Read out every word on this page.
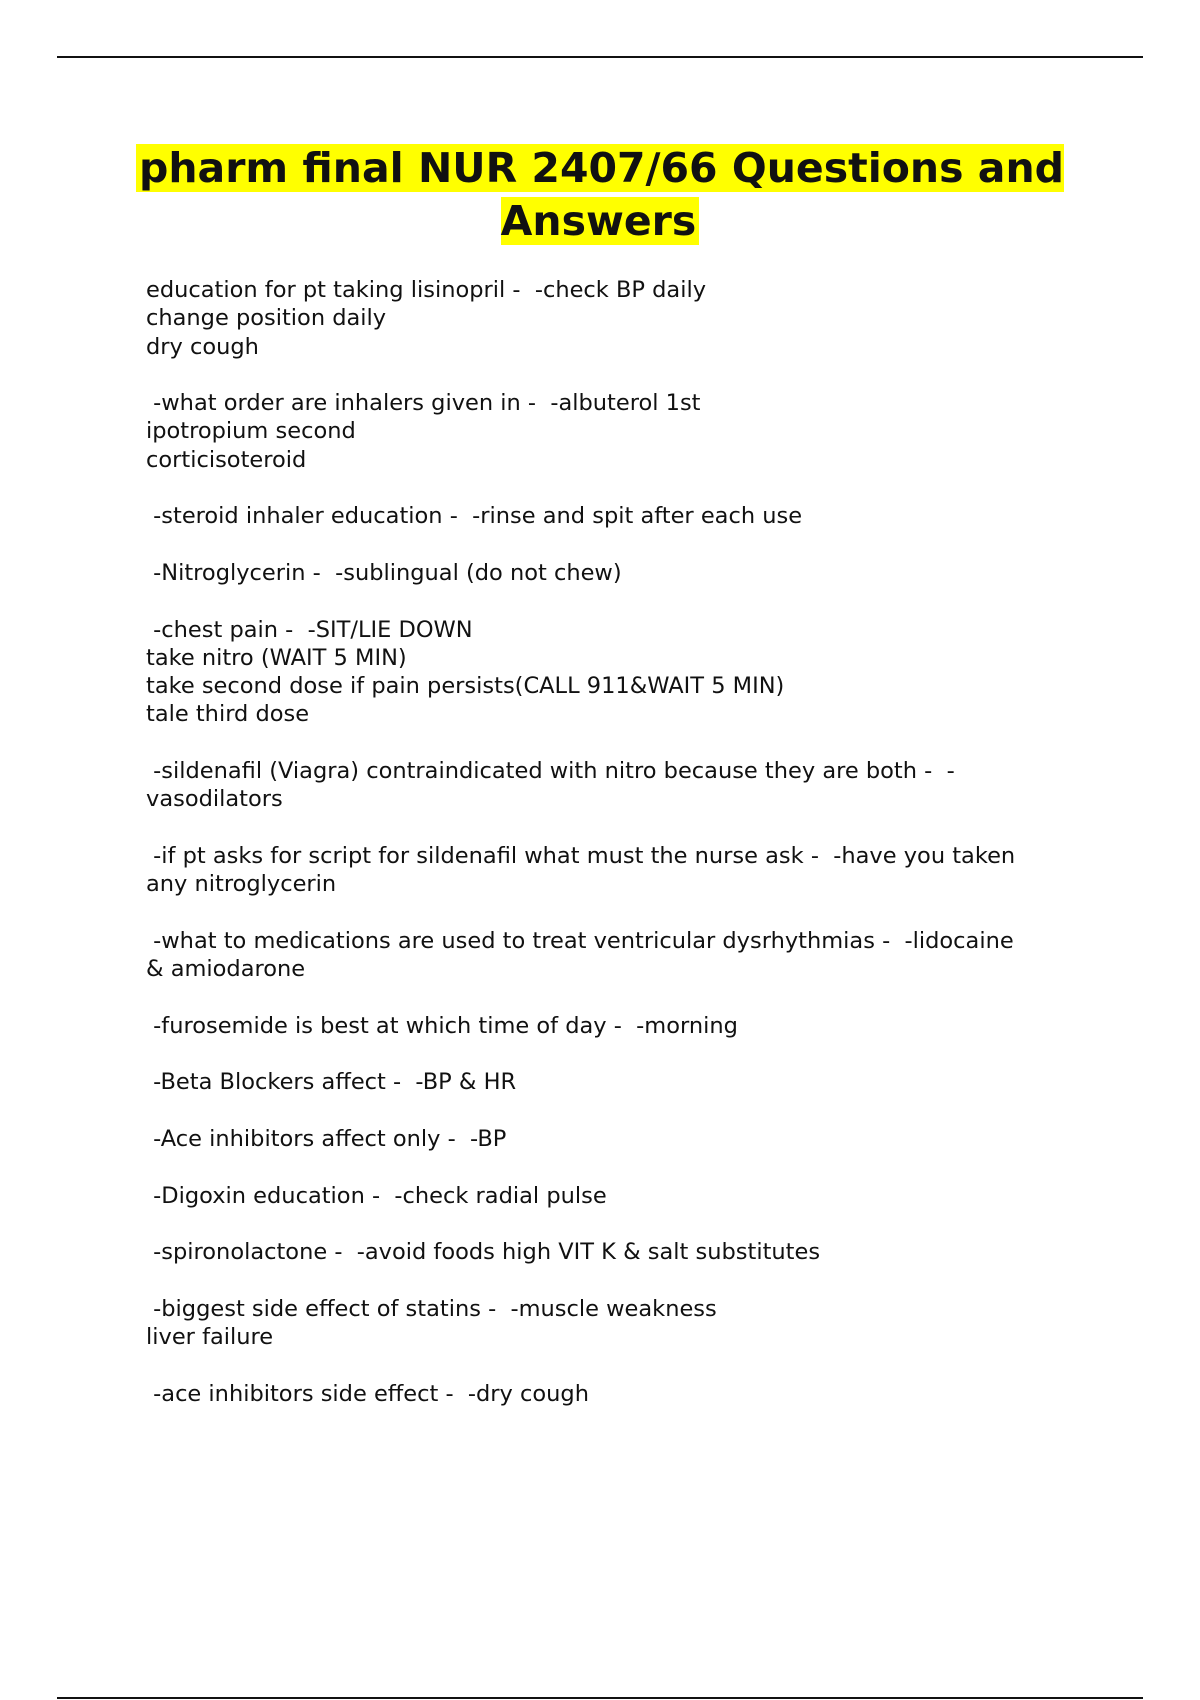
pharm final NUR 2407/66 Questions and Answers
education for pt taking lisinopril -  -check BP daily
change position daily
dry cough
-what order are inhalers given in -  -albuterol 1st
ipotropium second
corticisoteroid
-steroid inhaler education -  -rinse and spit after each use
-Nitroglycerin -  -sublingual (do not chew)
-chest pain -  -SIT/LIE DOWN
take nitro (WAIT 5 MIN)
take second dose if pain persists(CALL 911&WAIT 5 MIN)
tale third dose
-sildenafil (Viagra) contraindicated with nitro because they are both -  -
vasodilators
-if pt asks for script for sildenafil what must the nurse ask -  -have you taken
any nitroglycerin
-what to medications are used to treat ventricular dysrhythmias -  -lidocaine
& amiodarone
-furosemide is best at which time of day -  -morning
-Beta Blockers affect -  -BP & HR
-Ace inhibitors affect only -  -BP
-Digoxin education -  -check radial pulse
-spironolactone -  -avoid foods high VIT K & salt substitutes
-biggest side effect of statins -  -muscle weakness
liver failure
-ace inhibitors side effect -  -dry cough
